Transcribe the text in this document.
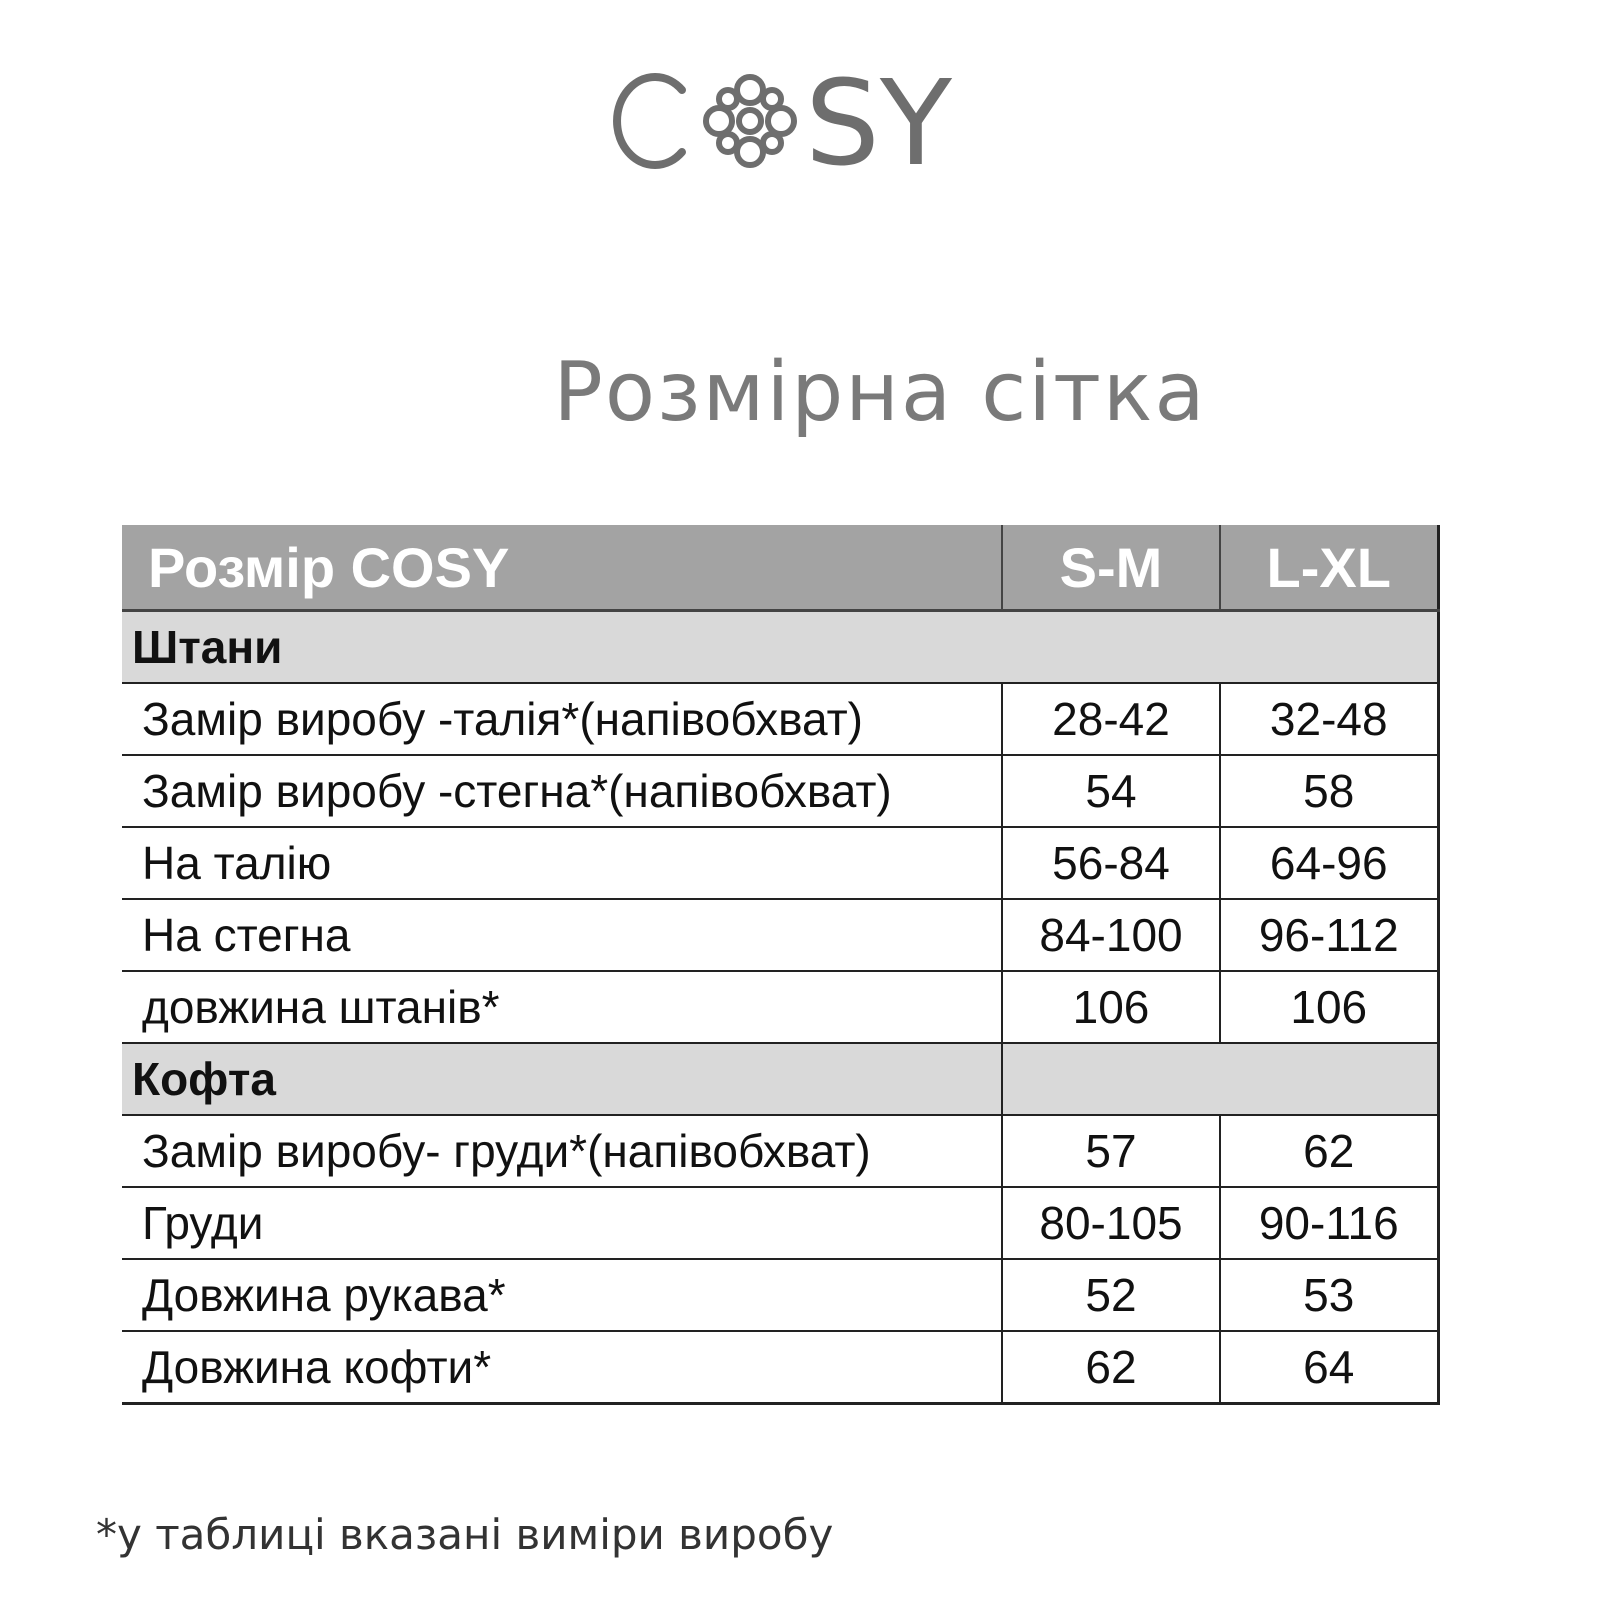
SY
Розмірна сітка
Розмір COSY	S-M	L-XL
Штани		
Замір виробу -талія*(напівобхват)	28-42	32-48
Замір виробу -стегна*(напівобхват)	54	58
На талію	56-84	64-96
На стегна	84-100	96-112
довжина штанів*	106	106
Кофта		
Замір виробу- груди*(напівобхват)	57	62
Груди	80-105	90-116
Довжина рукава*	52	53
Довжина кофти*	62	64
*у таблиці вказані виміри виробу
